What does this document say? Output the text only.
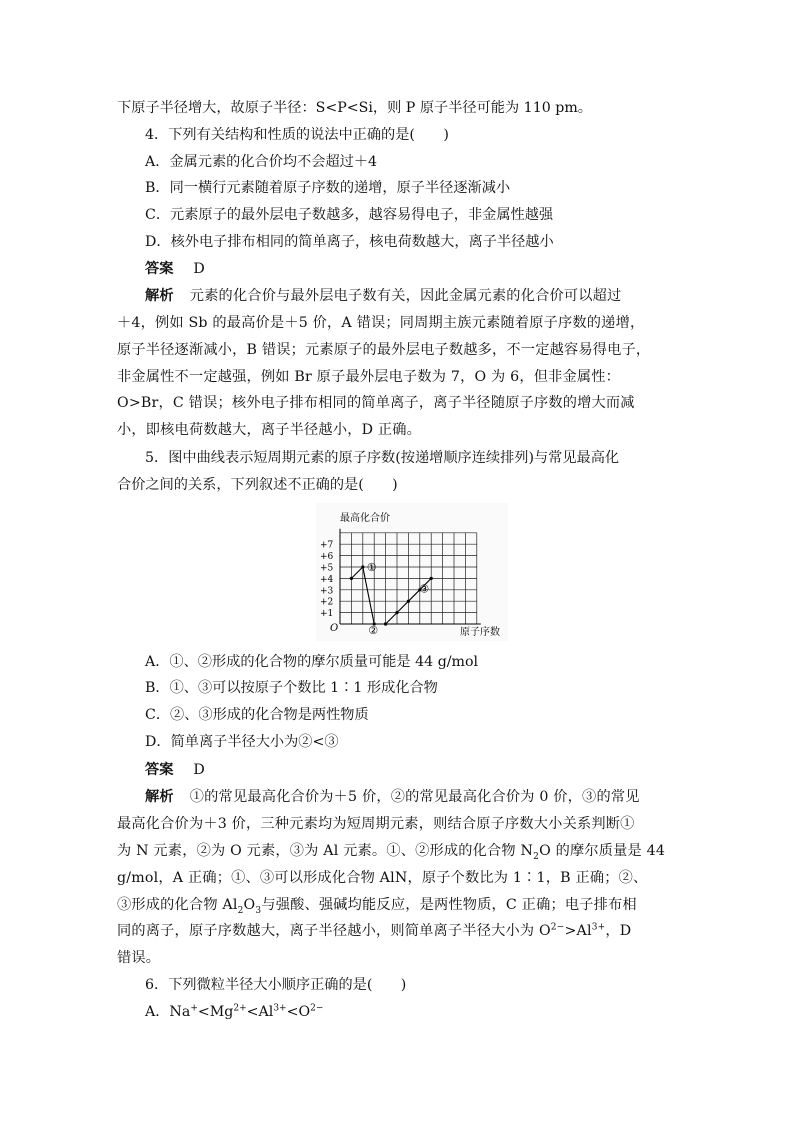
下原子半径增大，故原子半径：S<P<Si，则 P 原子半径可能为 110 pm。
4．下列有关结构和性质的说法中正确的是(　　)
A．金属元素的化合价均不会超过＋4
B．同一横行元素随着原子序数的递增，原子半径逐渐减小
C．元素原子的最外层电子数越多，越容易得电子，非金属性越强
D．核外电子排布相同的简单离子，核电荷数越大，离子半径越小
答案 D
解析 元素的化合价与最外层电子数有关，因此金属元素的化合价可以超过
＋4，例如 Sb 的最高价是＋5 价，A 错误；同周期主族元素随着原子序数的递增，
原子半径逐渐减小，B 错误；元素原子的最外层电子数越多，不一定越容易得电子，
非金属性不一定越强，例如 Br 原子最外层电子数为 7，O 为 6，但非金属性：
O>Br，C 错误；核外电子排布相同的简单离子，离子半径随原子序数的增大而减
小，即核电荷数越大，离子半径越小，D 正确。
5．图中曲线表示短周期元素的原子序数(按递增顺序连续排列)与常见最高化
合价之间的关系，下列叙述不正确的是(　　)
+1
+2
+3
+4
+5
+6
+7
①
②
③
最高化合价
原子序数
O
A．①、②形成的化合物的摩尔质量可能是 44 g/mol
B．①、③可以按原子个数比 1∶1 形成化合物
C．②、③形成的化合物是两性物质
D．简单离子半径大小为②<③
答案 D
解析 ①的常见最高化合价为＋5 价，②的常见最高化合价为 0 价，③的常见
最高化合价为＋3 价，三种元素均为短周期元素，则结合原子序数大小关系判断①
为 N 元素，②为 O 元素，③为 Al 元素。①、②形成的化合物 $N_2O$ 的摩尔质量是 44
g/mol，A 正确；①、③可以形成化合物 AlN，原子个数比为 1∶1，B 正确；②、
③形成的化合物 $Al_2O_3$与强酸、强碱均能反应，是两性物质，C 正确；电子排布相
同的离子，原子序数越大，离子半径越小，则简单离子半径大小为 $O^{2-}>Al^{3+}$，D
错误。
6．下列微粒半径大小顺序正确的是(　　)
A．$Na^+<Mg^{2+}<Al^{3+}<O^{2-}$
